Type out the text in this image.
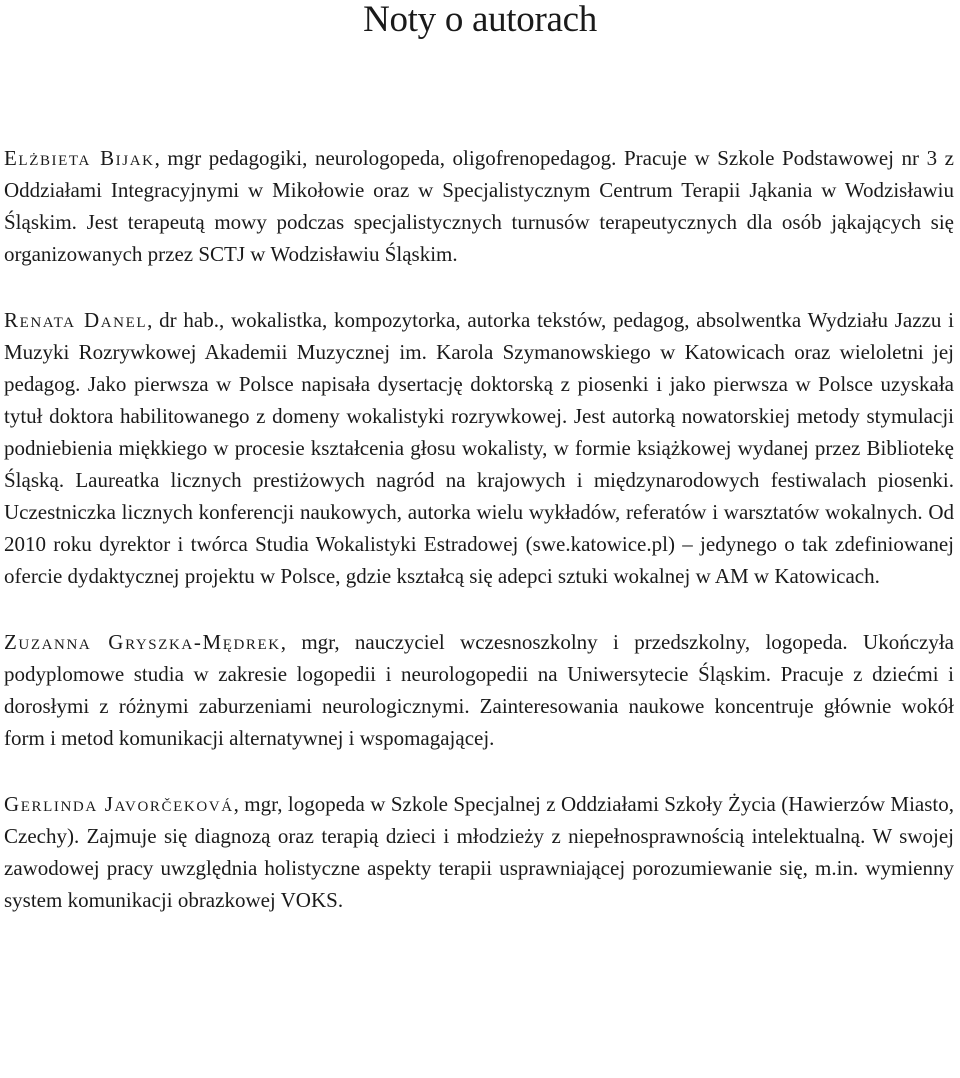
Noty o autorach

Elżbieta Bijak, mgr pedagogiki, neurologopeda, oligofrenopedagog. Pracuje w Szkole Podstawowej nr 3 z Oddziałami Integracyjnymi w Mikołowie oraz w Specjalistycznym Centrum Terapii Jąkania w Wodzisławiu Śląskim. Jest terapeutą mowy podczas specjalistycznych turnusów terapeutycznych dla osób jąkających się organizowanych przez SCTJ w Wodzisławiu Śląskim.

Renata Danel, dr hab., wokalistka, kompozytorka, autorka tekstów, pedagog, absolwentka Wydziału Jazzu i Muzyki Rozrywkowej Akademii Muzycznej im. Karola Szymanowskiego w Katowicach oraz wieloletni jej pedagog. Jako pierwsza w Polsce napisała dysertację doktorską z piosenki i jako pierwsza w Polsce uzyskała tytuł doktora habilitowanego z domeny wokalistyki rozrywkowej. Jest autorką nowatorskiej metody stymulacji podniebienia miękkiego w procesie kształcenia głosu wokalisty, w formie książkowej wydanej przez Bibliotekę Śląską. Laureatka licznych prestiżowych nagród na krajowych i międzynarodowych festiwalach piosenki. Uczestniczka licznych konferencji naukowych, autorka wielu wykładów, referatów i warsztatów wokalnych. Od 2010 roku dyrektor i twórca Studia Wokalistyki Estradowej (swe.katowice.pl) – jedynego o tak zdefiniowanej ofercie dydaktycznej projektu w Polsce, gdzie kształcą się adepci sztuki wokalnej w AM w Katowicach.

Zuzanna Gryszka-Mędrek, mgr, nauczyciel wczesnoszkolny i przedszkolny, logopeda. Ukończyła podyplomowe studia w zakresie logopedii i neurologopedii na Uniwersytecie Śląskim. Pracuje z dziećmi i dorosłymi z różnymi zaburzeniami neurologicznymi. Zainteresowania naukowe koncentruje głównie wokół form i metod komunikacji alternatywnej i wspomagającej.

Gerlinda Javorčeková, mgr, logopeda w Szkole Specjalnej z Oddziałami Szkoły Życia (Hawierzów Miasto, Czechy). Zajmuje się diagnozą oraz terapią dzieci i młodzieży z niepełnosprawnością intelektualną. W swojej zawodowej pracy uwzględnia holistyczne aspekty terapii usprawniającej porozumiewanie się, m.in. wymienny system komunikacji obrazkowej VOKS.
